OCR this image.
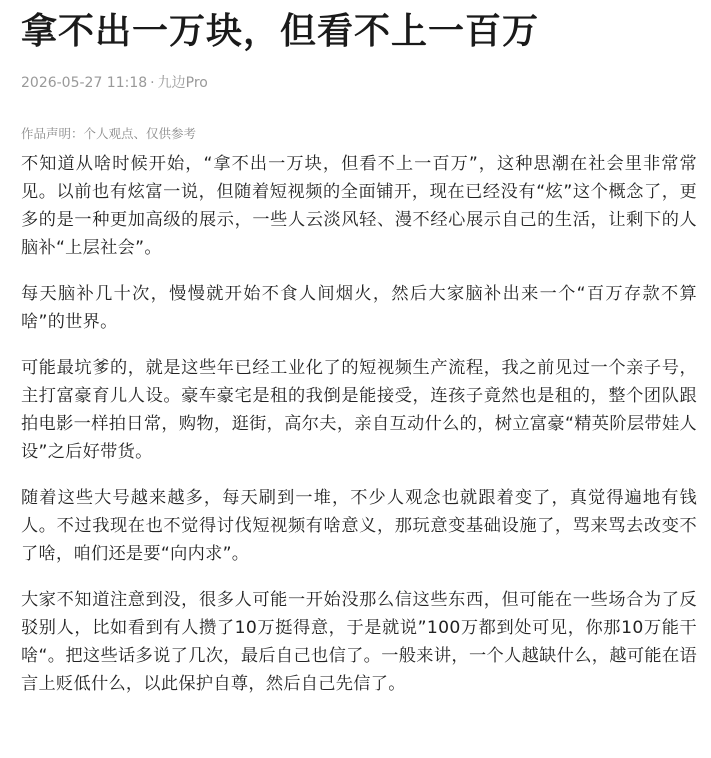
拿不出一万块，但看不上一百万
2026-05-27 11:18 · 九边Pro
作品声明：个人观点、仅供参考

不知道从啥时候开始，“拿不出一万块，但看不上一百万”，这种思潮在社会里非常常见。以前也有炫富一说，但随着短视频的全面铺开，现在已经没有“炫”这个概念了，更多的是一种更加高级的展示，一些人云淡风轻、漫不经心展示自己的生活，让剩下的人脑补“上层社会”。

每天脑补几十次，慢慢就开始不食人间烟火，然后大家脑补出来一个“百万存款不算啥”的世界。

可能最坑爹的，就是这些年已经工业化了的短视频生产流程，我之前见过一个亲子号，主打富豪育儿人设。豪车豪宅是租的我倒是能接受，连孩子竟然也是租的，整个团队跟拍电影一样拍日常，购物，逛街，高尔夫，亲自互动什么的，树立富豪“精英阶层带娃人设”之后好带货。

随着这些大号越来越多，每天刷到一堆，不少人观念也就跟着变了，真觉得遍地有钱人。不过我现在也不觉得讨伐短视频有啥意义，那玩意变基础设施了，骂来骂去改变不了啥，咱们还是要“向内求”。

大家不知道注意到没，很多人可能一开始没那么信这些东西，但可能在一些场合为了反驳别人，比如看到有人攒了10万挺得意，于是就说”100万都到处可见，你那10万能干啥“。把这些话多说了几次，最后自己也信了。一般来讲，一个人越缺什么，越可能在语言上贬低什么，以此保护自尊，然后自己先信了。
